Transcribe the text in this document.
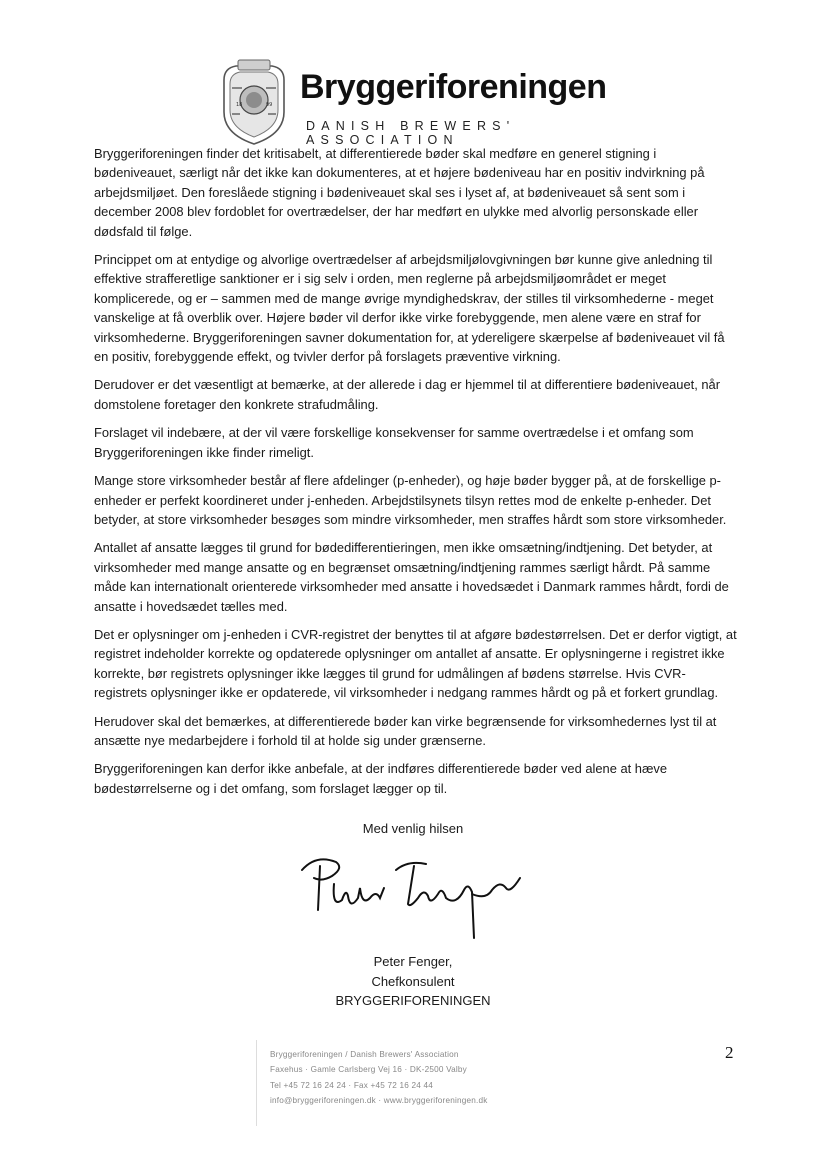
18	99 Bryggeriforeningen
DANISH BREWERS' ASSOCIATION

Bryggeriforeningen finder det kritisabelt, at differentierede bøder skal medføre en generel stigning i bødeniveauet, særligt når det ikke kan dokumenteres, at et højere bødeniveau har en positiv indvirkning på arbejdsmiljøet. Den foreslåede stigning i bødeniveauet skal ses i lyset af, at bødeniveauet så sent som i december 2008 blev fordoblet for overtrædelser, der har medført en ulykke med alvorlig personskade eller dødsfald til følge.

Princippet om at entydige og alvorlige overtrædelser af arbejdsmiljølovgivningen bør kunne give anledning til effektive strafferetlige sanktioner er i sig selv i orden, men reglerne på arbejdsmiljøområdet er meget komplicerede, og er – sammen med de mange øvrige myndighedskrav, der stilles til virksomhederne - meget vanskelige at få overblik over. Højere bøder vil derfor ikke virke forebyggende, men alene være en straf for virksomhederne. Bryggeriforeningen savner dokumentation for, at ydereligere skærpelse af bødeniveauet vil få en positiv, forebyggende effekt, og tvivler derfor på forslagets præventive virkning.

Derudover er det væsentligt at bemærke, at der allerede i dag er hjemmel til at differentiere bødeniveauet, når domstolene foretager den konkrete strafudmåling.

Forslaget vil indebære, at der vil være forskellige konsekvenser for samme overtrædelse i et omfang som Bryggeriforeningen ikke finder rimeligt.

Mange store virksomheder består af flere afdelinger (p-enheder), og høje bøder bygger på, at de forskellige p-enheder er perfekt koordineret under j-enheden. Arbejdstilsynets tilsyn rettes mod de enkelte p-enheder. Det betyder, at store virksomheder besøges som mindre virksomheder, men straffes hårdt som store virksomheder.

Antallet af ansatte lægges til grund for bødedifferentieringen, men ikke omsætning/indtjening. Det betyder, at virksomheder med mange ansatte og en begrænset omsætning/indtjening rammes særligt hårdt. På samme måde kan internationalt orienterede virksomheder med ansatte i hovedsædet i Danmark rammes hårdt, fordi de ansatte i hovedsædet tælles med.

Det er oplysninger om j-enheden i CVR-registret der benyttes til at afgøre bødestørrelsen. Det er derfor vigtigt, at registret indeholder korrekte og opdaterede oplysninger om antallet af ansatte. Er oplysningerne i registret ikke korrekte, bør registrets oplysninger ikke lægges til grund for udmålingen af bødens størrelse. Hvis CVR-registrets oplysninger ikke er opdaterede, vil virksomheder i nedgang rammes hårdt og på et forkert grundlag.

Herudover skal det bemærkes, at differentierede bøder kan virke begrænsende for virksomhedernes lyst til at ansætte nye medarbejdere i forhold til at holde sig under grænserne.

Bryggeriforeningen kan derfor ikke anbefale, at der indføres differentierede bøder ved alene at hæve bødestørrelserne og i det omfang, som forslaget lægger op til.

Med venlig hilsen
Peter Fenger,
Chefkonsulent
BRYGGERIFORENINGEN
Bryggeriforeningen / Danish Brewers' Association
Faxehus · Gamle Carlsberg Vej 16 · DK-2500 Valby
Tel +45 72 16 24 24 · Fax +45 72 16 24 44
info@bryggeriforeningen.dk · www.bryggeriforeningen.dk
2
